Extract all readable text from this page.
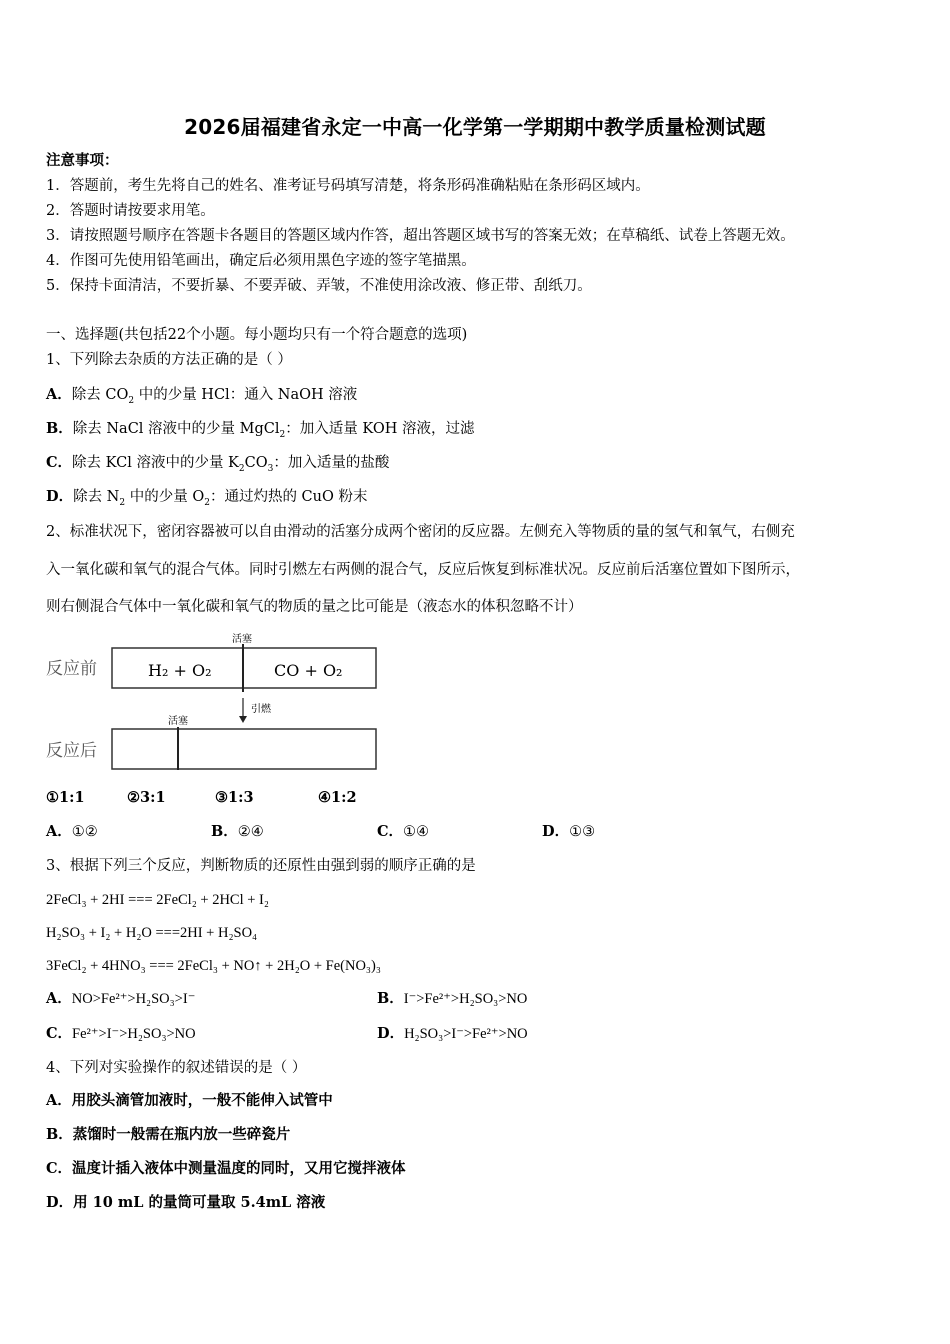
2026届福建省永定一中高一化学第一学期期中教学质量检测试题
注意事项：
1．答题前，考生先将自己的姓名、准考证号码填写清楚，将条形码准确粘贴在条形码区域内。
2．答题时请按要求用笔。
3．请按照题号顺序在答题卡各题目的答题区域内作答，超出答题区域书写的答案无效；在草稿纸、试卷上答题无效。
4．作图可先使用铅笔画出，确定后必须用黑色字迹的签字笔描黑。
5．保持卡面清洁，不要折暴、不要弄破、弄皱，不准使用涂改液、修正带、刮纸刀。
一、选择题(共包括22个小题。每小题均只有一个符合题意的选项)
1、下列除去杂质的方法正确的是（ ）
A．除去 $CO_2$ 中的少量 HCl：通入 NaOH 溶液
B．除去 NaCl 溶液中的少量 MgCl$_2$：加入适量 KOH 溶液，过滤
C．除去 KCl 溶液中的少量 $K_2CO_3$：加入适量的盐酸
D．除去 $N_2$ 中的少量 $O_2$：通过灼热的 CuO 粉末
2、标准状况下，密闭容器被可以自由滑动的活塞分成两个密闭的反应器。左侧充入等物质的量的氢气和氧气，右侧充
入一氧化碳和氧气的混合气体。同时引燃左右两侧的混合气，反应后恢复到标准状况。反应前后活塞位置如下图所示，
则右侧混合气体中一氧化碳和氧气的物质的量之比可能是（液态水的体积忽略不计）
反应前
活塞
H₂ + O₂	CO + O₂
引燃
活塞
反应后
①1:1	②3:1	③1:3	④1:2
A．①②	B．②④	C．①④	D．①③
3、根据下列三个反应，判断物质的还原性由强到弱的顺序正确的是
2FeCl₃ + 2HI === 2FeCl₂ + 2HCl + I₂
H₂SO₃ + I₂ + H₂O ===2HI + H₂SO₄
3FeCl₂ + 4HNO₃ === 2FeCl₃ + NO↑ + 2H₂O + Fe(NO₃)₃
A．NO>Fe²⁺>H₂SO₃>I⁻	B．I⁻>Fe²⁺>H₂SO₃>NO
C．Fe²⁺>I⁻>H₂SO₃>NO	D．H₂SO₃>I⁻>Fe²⁺>NO
4、下列对实验操作的叙述错误的是（ ）
A．用胶头滴管加液时，一般不能伸入试管中
B．蒸馏时一般需在瓶内放一些碎瓷片
C．温度计插入液体中测量温度的同时，又用它搅拌液体
D．用 10 mL 的量筒可量取 5.4mL 溶液
